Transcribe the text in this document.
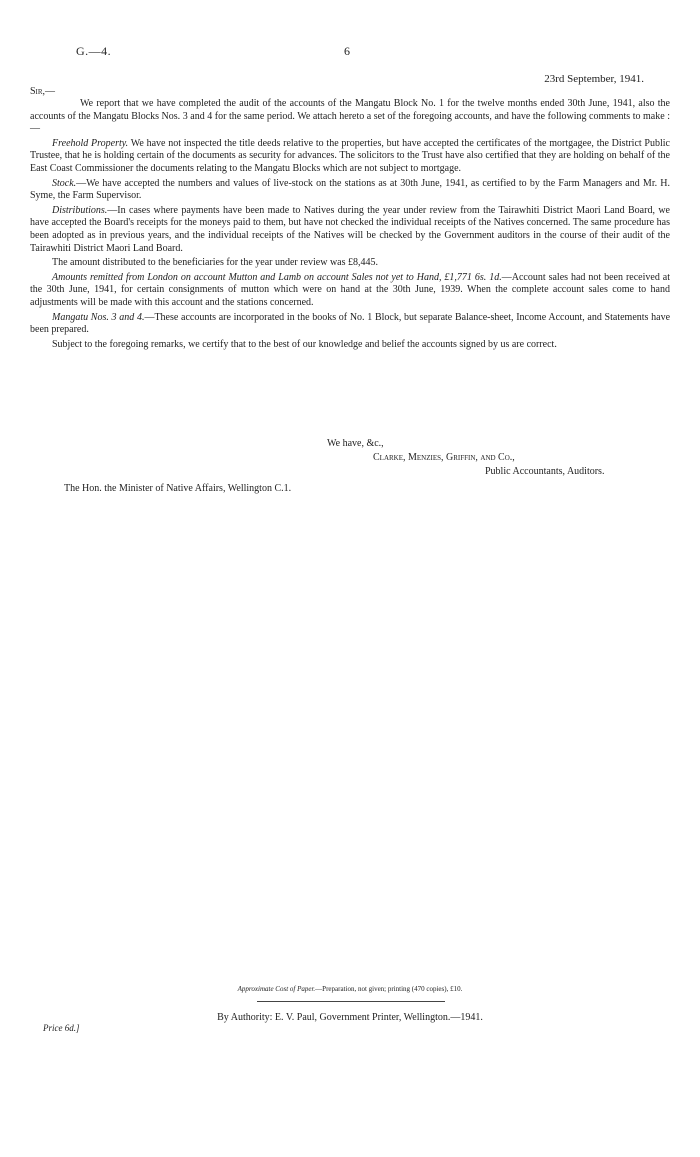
G.—4.	6
23rd September, 1941.
Sir,—

We report that we have completed the audit of the accounts of the Mangatu Block No. 1 for the twelve months ended 30th June, 1941, also the accounts of the Mangatu Blocks Nos. 3 and 4 for the same period. We attach hereto a set of the foregoing accounts, and have the following comments to make :—

Freehold Property. We have not inspected the title deeds relative to the properties, but have accepted the certificates of the mortgagee, the District Public Trustee, that he is holding certain of the documents as security for advances. The solicitors to the Trust have also certified that they are holding on behalf of the East Coast Commissioner the documents relating to the Mangatu Blocks which are not subject to mortgage.

Stock.—We have accepted the numbers and values of live-stock on the stations as at 30th June, 1941, as certified to by the Farm Managers and Mr. H. Syme, the Farm Supervisor.

Distributions.—In cases where payments have been made to Natives during the year under review from the Tairawhiti District Maori Land Board, we have accepted the Board's receipts for the moneys paid to them, but have not checked the individual receipts of the Natives concerned. The same procedure has been adopted as in previous years, and the individual receipts of the Natives will be checked by the Government auditors in the course of their audit of the Tairawhiti District Maori Land Board.

The amount distributed to the beneficiaries for the year under review was £8,445.

Amounts remitted from London on account Mutton and Lamb on account Sales not yet to Hand, £1,771 6s. 1d.—Account sales had not been received at the 30th June, 1941, for certain consignments of mutton which were on hand at the 30th June, 1939. When the complete account sales come to hand adjustments will be made with this account and the stations concerned.

Mangatu Nos. 3 and 4.—These accounts are incorporated in the books of No. 1 Block, but separate Balance-sheet, Income Account, and Statements have been prepared.

Subject to the foregoing remarks, we certify that to the best of our knowledge and belief the accounts signed by us are correct.

We have, &c.,
Clarke, Menzies, Griffin, and Co.,
Public Accountants, Auditors.
The Hon. the Minister of Native Affairs, Wellington C.1.
Approximate Cost of Paper.—Preparation, not given; printing (470 copies), £10.
By Authority: E. V. Paul, Government Printer, Wellington.—1941.
Price 6d.]
